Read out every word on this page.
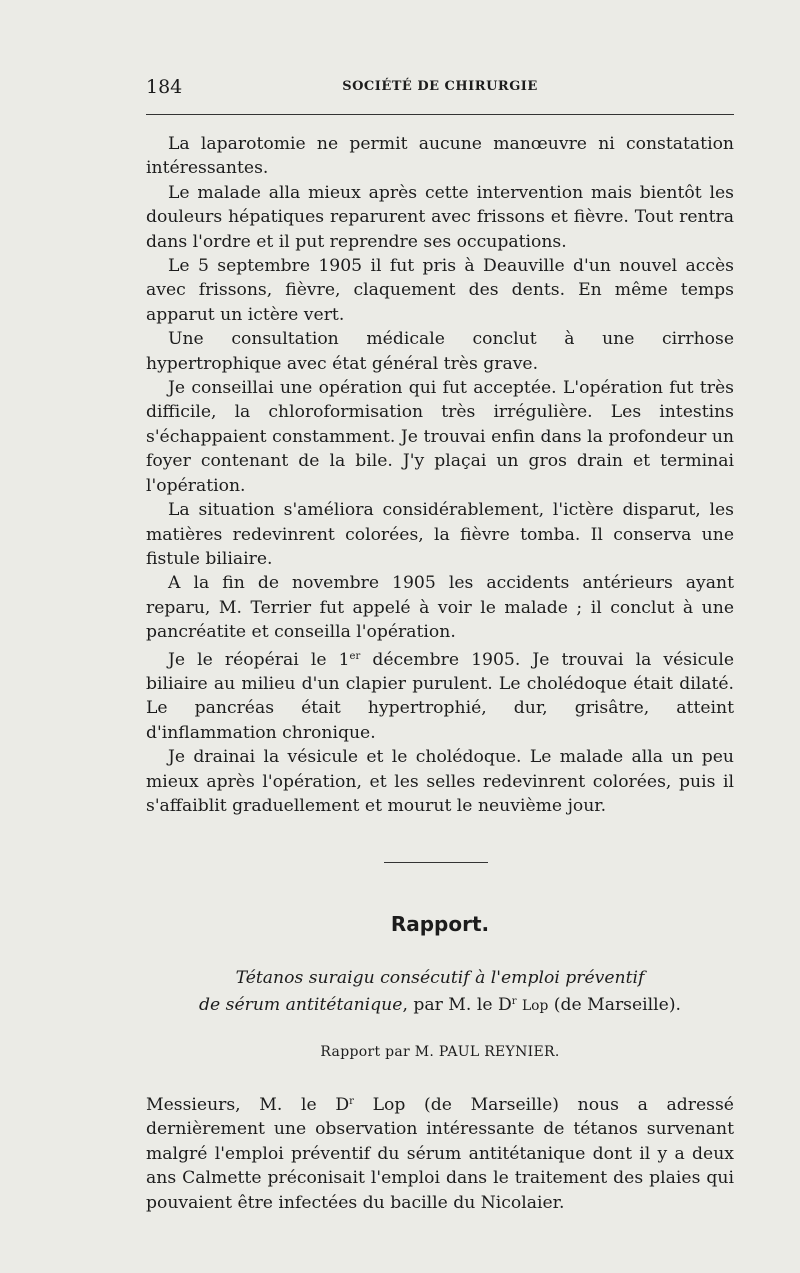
184	SOCIÉTÉ DE CHIRURGIE

La laparotomie ne permit aucune manœuvre ni constatation intéressantes.

Le malade alla mieux après cette intervention mais bientôt les douleurs hépatiques reparurent avec frissons et fièvre. Tout rentra dans l'ordre et il put reprendre ses occupations.

Le 5 septembre 1905 il fut pris à Deauville d'un nouvel accès avec frissons, fièvre, claquement des dents. En même temps apparut un ictère vert.

Une consultation médicale conclut à une cirrhose hypertrophique avec état général très grave.

Je conseillai une opération qui fut acceptée. L'opération fut très difficile, la chloroformisation très irrégulière. Les intestins s'échappaient constamment. Je trouvai enfin dans la profondeur un foyer contenant de la bile. J'y plaçai un gros drain et terminai l'opération.

La situation s'améliora considérablement, l'ictère disparut, les matières redevinrent colorées, la fièvre tomba. Il conserva une fistule biliaire.

A la fin de novembre 1905 les accidents antérieurs ayant reparu, M. Terrier fut appelé à voir le malade ; il conclut à une pancréatite et conseilla l'opération.

Je le réopérai le 1er décembre 1905. Je trouvai la vésicule biliaire au milieu d'un clapier purulent. Le cholédoque était dilaté. Le pancréas était hypertrophié, dur, grisâtre, atteint d'inflammation chronique.

Je drainai la vésicule et le cholédoque. Le malade alla un peu mieux après l'opération, et les selles redevinrent colorées, puis il s'affaiblit graduellement et mourut le neuvième jour.

Rapport.
Tétanos suraigu consécutif à l'emploi préventif
de sérum antitétanique, par M. le $D^r$ Lop (de Marseille).
Rapport par M. PAUL REYNIER.

Messieurs, M. le $D^r$ Lop (de Marseille) nous a adressé dernièrement une observation intéressante de tétanos survenant malgré l'emploi préventif du sérum antitétanique dont il y a deux ans Calmette préconisait l'emploi dans le traitement des plaies qui pouvaient être infectées du bacille du Nicolaier.
